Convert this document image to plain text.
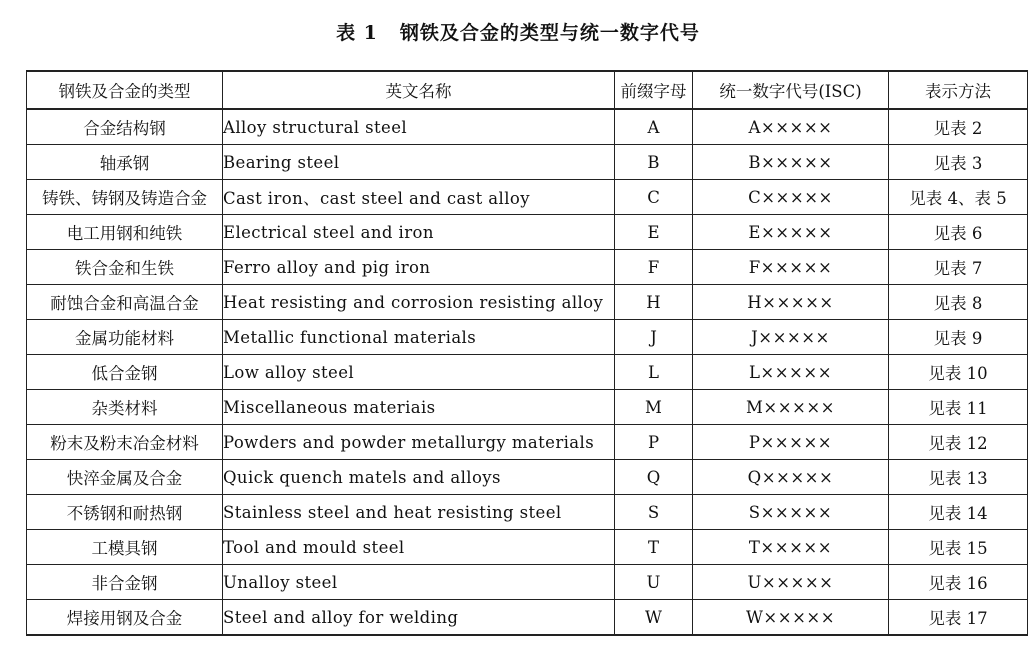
表 1 钢铁及合金的类型与统一数字代号
钢铁及合金的类型	英文名称	前缀字母	统一数字代号(ISC)	表示方法
合金结构钢	Alloy structural steel	A	A×××××	见表 2
轴承钢	Bearing steel	B	B×××××	见表 3
铸铁、铸钢及铸造合金	Cast iron、cast steel and cast alloy	C	C×××××	见表 4、表 5
电工用钢和纯铁	Electrical steel and iron	E	E×××××	见表 6
铁合金和生铁	Ferro alloy and pig iron	F	F×××××	见表 7
耐蚀合金和高温合金	Heat resisting and corrosion resisting alloy	H	H×××××	见表 8
金属功能材料	Metallic functional materials	J	J×××××	见表 9
低合金钢	Low alloy steel	L	L×××××	见表 10
杂类材料	Miscellaneous materiais	M	M×××××	见表 11
粉末及粉末冶金材料	Powders and powder metallurgy materials	P	P×××××	见表 12
快淬金属及合金	Quick quench matels and alloys	Q	Q×××××	见表 13
不锈钢和耐热钢	Stainless steel and heat resisting steel	S	S×××××	见表 14
工模具钢	Tool and mould steel	T	T×××××	见表 15
非合金钢	Unalloy steel	U	U×××××	见表 16
焊接用钢及合金	Steel and alloy for welding	W	W×××××	见表 17
